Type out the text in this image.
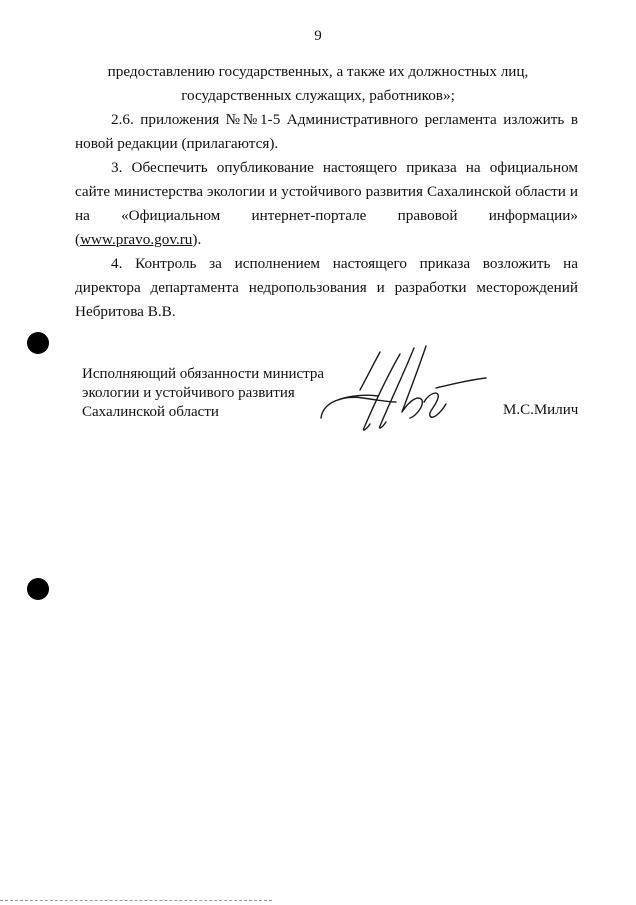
9
предоставлению государственных, а также их должностных лиц,
государственных служащих, работников»;
2.6. приложения №№1-5 Административного регламента изложить в
новой редакции (прилагаются).
3. Обеспечить опубликование настоящего приказа на официальном
сайте министерства экологии и устойчивого развития Сахалинской области и
на «Официальном интернет-портале правовой информации»
(www.pravo.gov.ru).
4. Контроль за исполнением настоящего приказа возложить на
директора департамента недропользования и разработки месторождений
Небритова В.В.
Исполняющий обязанности министра
экологии и устойчивого развития
Сахалинской области	М.С.Милич
